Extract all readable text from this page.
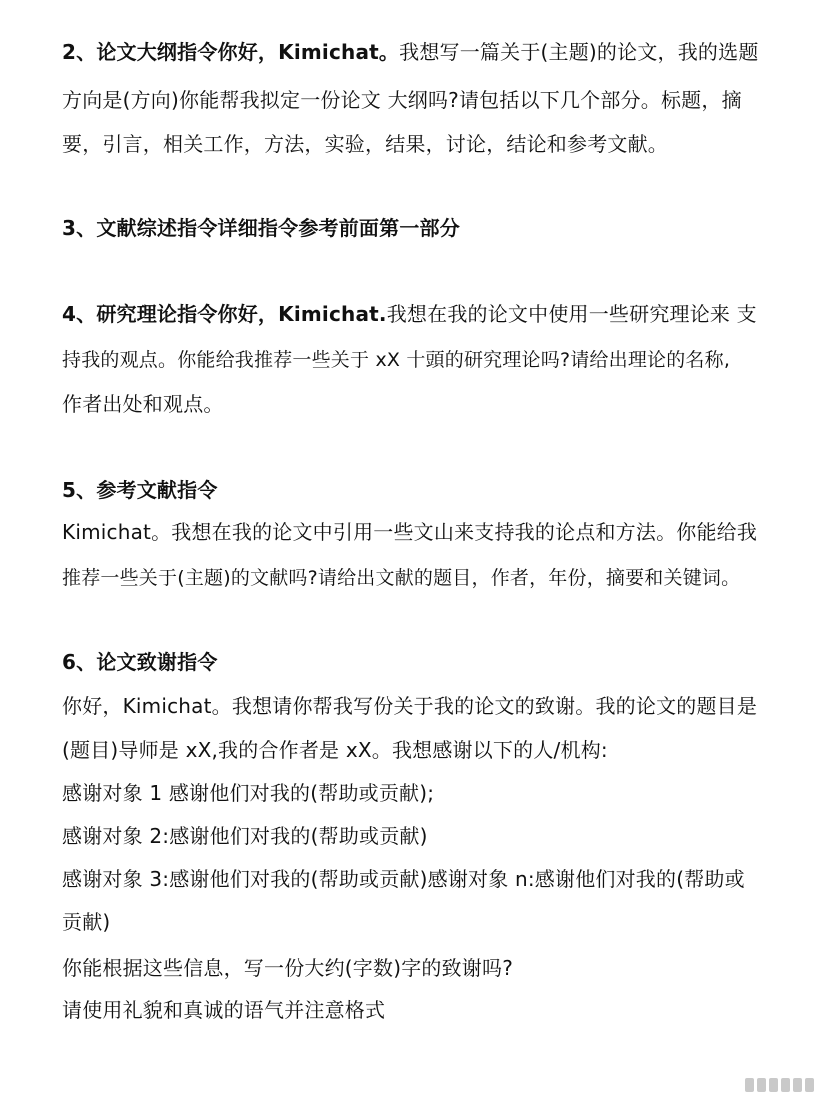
2、论文大纲指令你好，Kimichat。我想写一篇关于(主题)的论文，我的选题
方向是(方向)你能帮我拟定一份论文 大纲吗?请包括以下几个部分。标题，摘
要，引言，相关工作，方法，实验，结果，讨论，结论和参考文献。
3、文献综述指令详细指令参考前面第一部分
4、研究理论指令你好，Kimichat.我想在我的论文中使用一些研究理论来 支
持我的观点。你能给我推荐一些关于 xX 十頭的研究理论吗?请给出理论的名称,
作者出处和观点。
5、参考文献指令
Kimichat。我想在我的论文中引用一些文山来支持我的论点和方法。你能给我
推荐一些关于(主题)的文献吗?请给出文献的题目，作者，年份，摘要和关键词。
6、论文致谢指令
你好，Kimichat。我想请你帮我写份关于我的论文的致谢。我的论文的题目是
(题目)导师是 xX,我的合作者是 xX。我想感谢以下的人/机构:
感谢对象 1 感谢他们对我的(帮助或贡献);
感谢对象 2:感谢他们对我的(帮助或贡献)
感谢对象 3:感谢他们对我的(帮助或贡献)感谢对象 n:感谢他们对我的(帮助或
贡献)
你能根据这些信息，写一份大约(字数)字的致谢吗?
请使用礼貌和真诚的语气并注意格式
